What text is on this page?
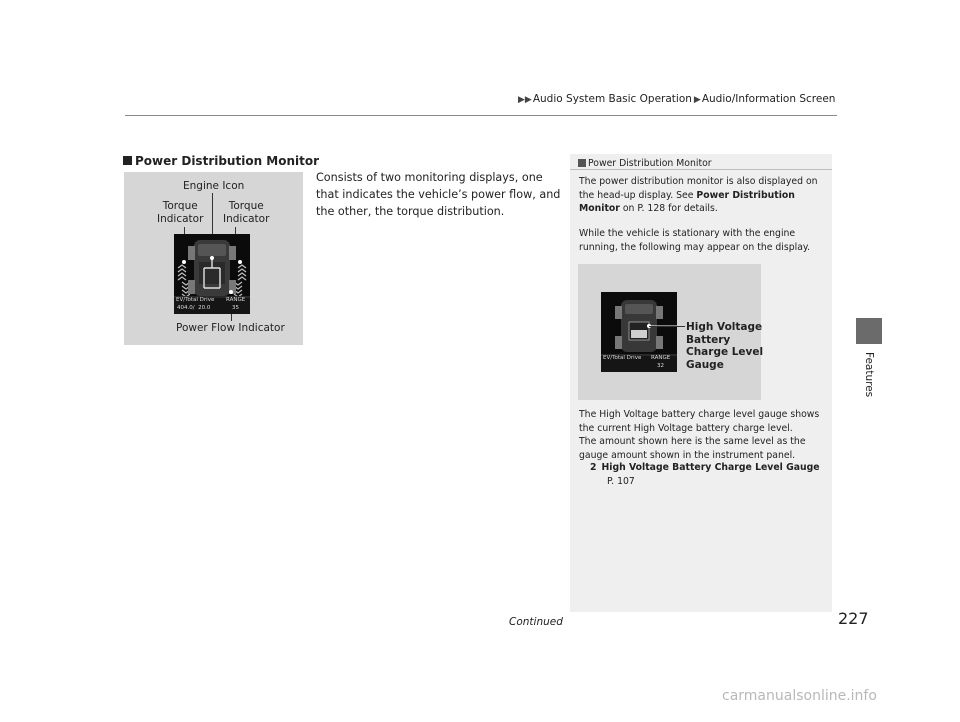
▶▶Audio System Basic Operation ▶Audio/Information Screen
Features
Power Distribution Monitor
Engine Icon
Torque
Indicator
Torque
Indicator
EV/Total Drive
404.0/  20.0
RANGE
35
Power Flow Indicator
Consists of two monitoring displays, one that indicates the vehicle’s power flow, and the other, the torque distribution.
Power Distribution Monitor
The power distribution monitor is also displayed on the head-up display. See Power Distribution Monitor on P. 128 for details.
While the vehicle is stationary with the engine running, the following may appear on the display.
EV/Total Drive RANGE
32
High Voltage
Battery
Charge Level
Gauge
The High Voltage battery charge level gauge shows the current High Voltage battery charge level.
The amount shown here is the same level as the gauge amount shown in the instrument panel.
2 High Voltage Battery Charge Level Gauge
P. 107
Continued	227
carmanualsonline.info
